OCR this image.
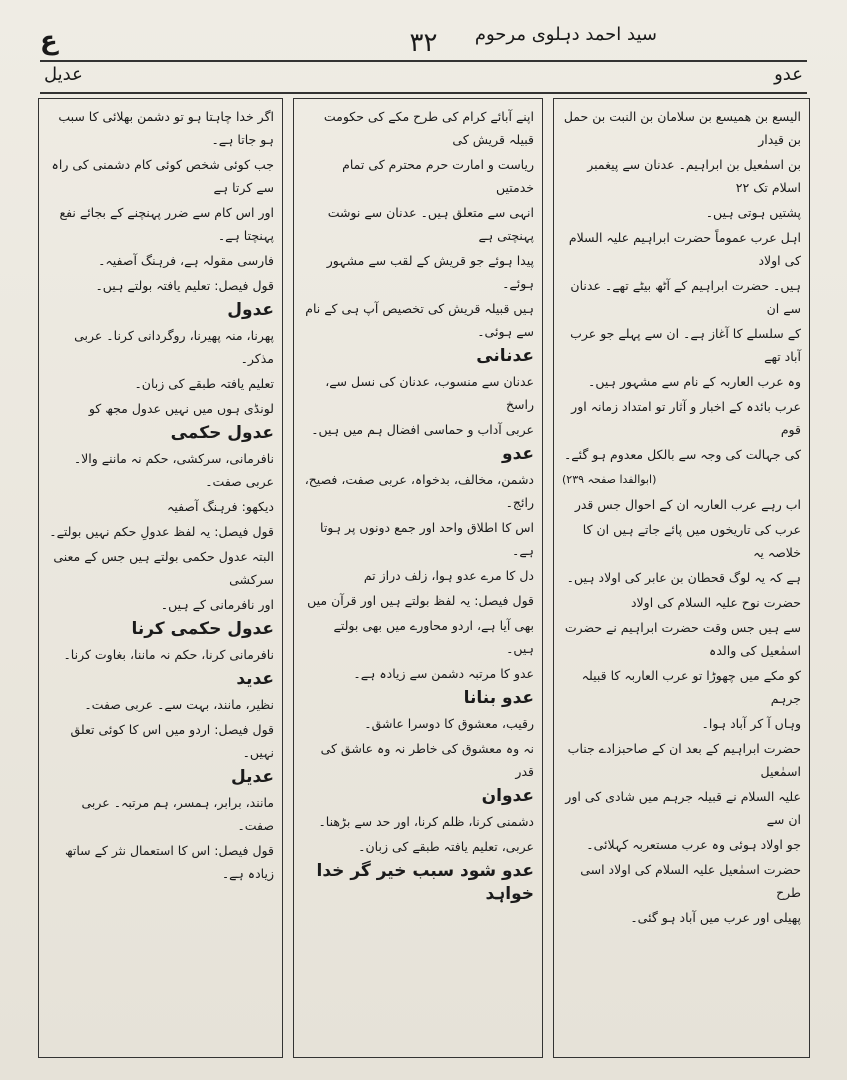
ع	۳۲	سید احمد دہلوی مرحوم
عدیل	عدو

الیسع بن ھمیسع بن سلامان بن النبت بن حمل بن قیدار

بن اسمٰعیل بن ابراہیم۔ عدنان سے پیغمبر اسلام تک ۲۲

پشتیں ہوتی ہیں۔

اہل عرب عموماً حضرت ابراہیم علیہ السلام کی اولاد

ہیں۔ حضرت ابراہیم کے آٹھ بیٹے تھے۔ عدنان سے ان

کے سلسلے کا آغاز ہے۔ ان سے پہلے جو عرب آباد تھے

وہ عرب العاربہ کے نام سے مشہور ہیں۔

عرب بائدہ کے اخبار و آثار تو امتداد زمانہ اور قوم

کی جہالت کی وجہ سے بالکل معدوم ہو گئے۔

(ابوالفدا صفحہ ۲۳۹)

اب رہے عرب العاربہ ان کے احوال جس قدر

عرب کی تاریخوں میں پائے جاتے ہیں ان کا خلاصہ یہ

ہے کہ یہ لوگ قحطان بن عابر کی اولاد ہیں۔

حضرت نوح علیہ السلام کی اولاد

سے ہیں جس وقت حضرت ابراہیم نے حضرت اسمٰعیل کی والدہ

کو مکے میں چھوڑا تو عرب العاربہ کا قبیلہ جرہم

وہاں آ کر آباد ہوا۔

حضرت ابراہیم کے بعد ان کے صاحبزادے جناب اسمٰعیل

علیہ السلام نے قبیلہ جرہم میں شادی کی اور ان سے

جو اولاد ہوئی وہ عرب مستعربہ کہلائی۔

حضرت اسمٰعیل علیہ السلام کی اولاد اسی طرح

پھیلی اور عرب میں آباد ہو گئی۔

اپنے آبائے کرام کی طرح مکے کی حکومت قبیلہ قریش کی

ریاست و امارت حرم محترم کی تمام خدمتیں

انہی سے متعلق ہیں۔ عدنان سے نوشت پہنچتی ہے

پیدا ہوئے جو قریش کے لقب سے مشہور ہوئے۔

ہیں قبیلہ قریش کی تخصیص آپ ہی کے نام سے ہوئی۔

عدنانی

عدنان سے منسوب، عدنان کی نسل سے، راسخ

عربی آداب و حماسی افضال ہم میں ہیں۔

عدو

دشمن، مخالف، بدخواہ، عربی صفت، فصیح، رائج۔

اس کا اطلاق واحد اور جمع دونوں پر ہوتا ہے۔

دل کا مرے عدو ہوا، زلف دراز تم

قول فیصل: یہ لفظ بولتے ہیں اور قرآن میں

بھی آیا ہے، اردو محاورے میں بھی بولتے ہیں۔

عدو کا مرتبہ دشمن سے زیادہ ہے۔

عدو بنانا

رقیب، معشوق کا دوسرا عاشق۔

نہ وہ معشوق کی خاطر نہ وہ عاشق کی قدر

عدوان

دشمنی کرنا، ظلم کرنا، اور حد سے بڑھنا۔

عربی، تعلیم یافتہ طبقے کی زبان۔

عدو شود سبب خیر گر خدا خواہد

اگر خدا چاہتا ہو تو دشمن بھلائی کا سبب ہو جاتا ہے۔

جب کوئی شخص کوئی کام دشمنی کی راہ سے کرتا ہے

اور اس کام سے ضرر پہنچنے کے بجائے نفع پہنچتا ہے۔

فارسی مقولہ ہے، فرہنگ آصفیہ۔

قول فیصل: تعلیم یافتہ بولتے ہیں۔

عدول

پھرنا، منہ پھیرنا، روگردانی کرنا۔ عربی مذکر۔

تعلیم یافتہ طبقے کی زبان۔

لونڈی ہوں میں نہیں عدول مجھ کو

عدول حکمی

نافرمانی، سرکشی، حکم نہ ماننے والا۔ عربی صفت۔

دیکھو: فرہنگ آصفیہ

قول فیصل: یہ لفظ عدولِ حکم نہیں بولتے۔

البتہ عدول حکمی بولتے ہیں جس کے معنی سرکشی

اور نافرمانی کے ہیں۔

عدول حکمی کرنا

نافرمانی کرنا، حکم نہ ماننا، بغاوت کرنا۔

عدید

نظیر، مانند، بہت سے۔ عربی صفت۔

قول فیصل: اردو میں اس کا کوئی تعلق نہیں۔

عدیل

مانند، برابر، ہمسر، ہم مرتبہ۔ عربی صفت۔

قول فیصل: اس کا استعمال نثر کے ساتھ زیادہ ہے۔
